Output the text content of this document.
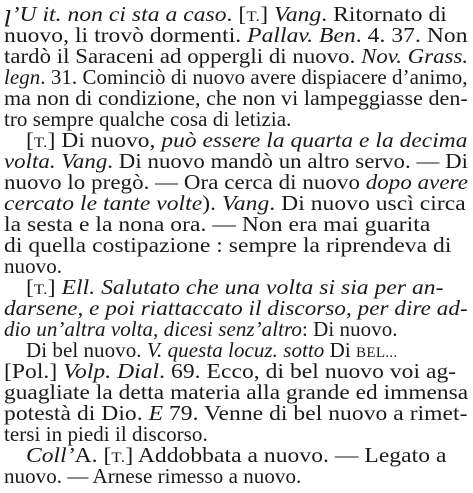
ꞁ’U it. non ci sta a caso. [T.] Vang. Ritornato di
nuovo, li trovò dormenti. Pallav. Ben. 4. 37. Non
tardò il Saraceni ad oppergli di nuovo. Nov. Grass.
legn. 31. Cominciò di nuovo avere dispiacere d’animo,
ma non di condizione, che non vi lampeggiasse den-
tro sempre qualche cosa di letizia.
[T.] Di nuovo, può essere la quarta e la decima
volta. Vang. Di nuovo mandò un altro servo. — Di
nuovo lo pregò. — Ora cerca di nuovo dopo avere
cercato le tante volte). Vang. Di nuovo uscì circa
la sesta e la nona ora. — Non era mai guarita
di quella costipazione : sempre la riprendeva di
nuovo.
[T.] Ell. Salutato che una volta si sia per an-
darsene, e poi riattaccato il discorso, per dire ad-
dio un’altra volta, dicesi senz’altro: Di nuovo.
Di bel nuovo. V. questa locuz. sotto Di BEL...
[Pol.] Volp. Dial. 69. Ecco, di bel nuovo voi ag-
guagliate la detta materia alla grande ed immensa
potestà di Dio. E 79. Venne di bel nuovo a rimet-
tersi in piedi il discorso.
Coll’A. [T.] Addobbata a nuovo. — Legato a
nuovo. — Arnese rimesso a nuovo.
